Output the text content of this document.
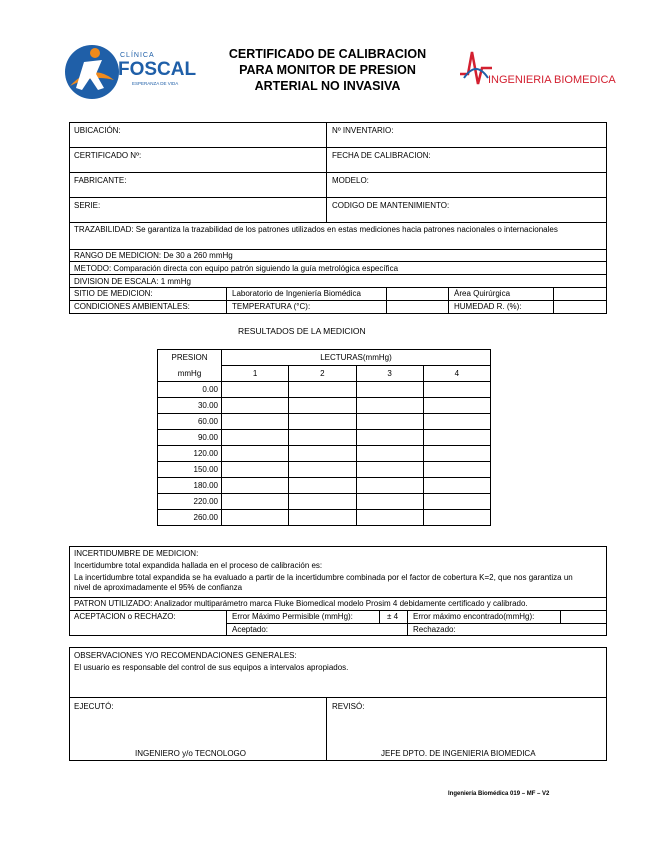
CLÍNICA
FOSCAL
ESPERANZA DE VIDA
CERTIFICADO DE CALIBRACION
PARA MONITOR DE PRESION
ARTERIAL NO INVASIVA	INGENIERIA BIOMEDICA
UBICACIÓN:	Nº INVENTARIO:
CERTIFICADO Nº:	FECHA DE CALIBRACION:
FABRICANTE:	MODELO:
SERIE:	CODIGO DE MANTENIMIENTO:
TRAZABILIDAD: Se garantiza la trazabilidad de los patrones utilizados en estas mediciones hacia patrones nacionales o internacionales
RANGO DE MEDICION: De 30 a 260 mmHg
METODO: Comparación directa con equipo patrón siguiendo la guía metrológica específica
DIVISION DE ESCALA: 1 mmHg
SITIO DE MEDICION:	Laboratorio de Ingeniería Biomédica	Área Quirúrgica
CONDICIONES AMBIENTALES:	TEMPERATURA (°C):	HUMEDAD R. (%):
RESULTADOS DE LA MEDICION
PRESION	LECTURAS(mmHg)			
mmHg	1	2	3	4
0.00				
30.00				
60.00				
90.00				
120.00				
150.00				
180.00				
220.00				
260.00				
INCERTIDUMBRE DE MEDICION:
Incertidumbre total expandida hallada en el proceso de calibración es:
La incertidumbre total expandida se ha evaluado a partir de la incertidumbre combinada por el factor de cobertura K=2, que nos garantiza un nivel de aproximadamente el 95% de confianza
PATRON UTILIZADO: Analizador multiparámetro marca Fluke Biomedical modelo Prosim 4 debidamente certificado y calibrado.
ACEPTACION o RECHAZO:	Error Máximo Permisible (mmHg):	± 4	Error máximo encontrado(mmHg):
Aceptado:	Rechazado:
OBSERVACIONES Y/O RECOMENDACIONES GENERALES:
El usuario es responsable del control de sus equipos a intervalos apropiados.
EJECUTÓ:	REVISÓ:
INGENIERO y/o TECNOLOGO	JEFE DPTO. DE INGENIERIA BIOMEDICA
Ingeniería Biomédica 019 – MF – V2
